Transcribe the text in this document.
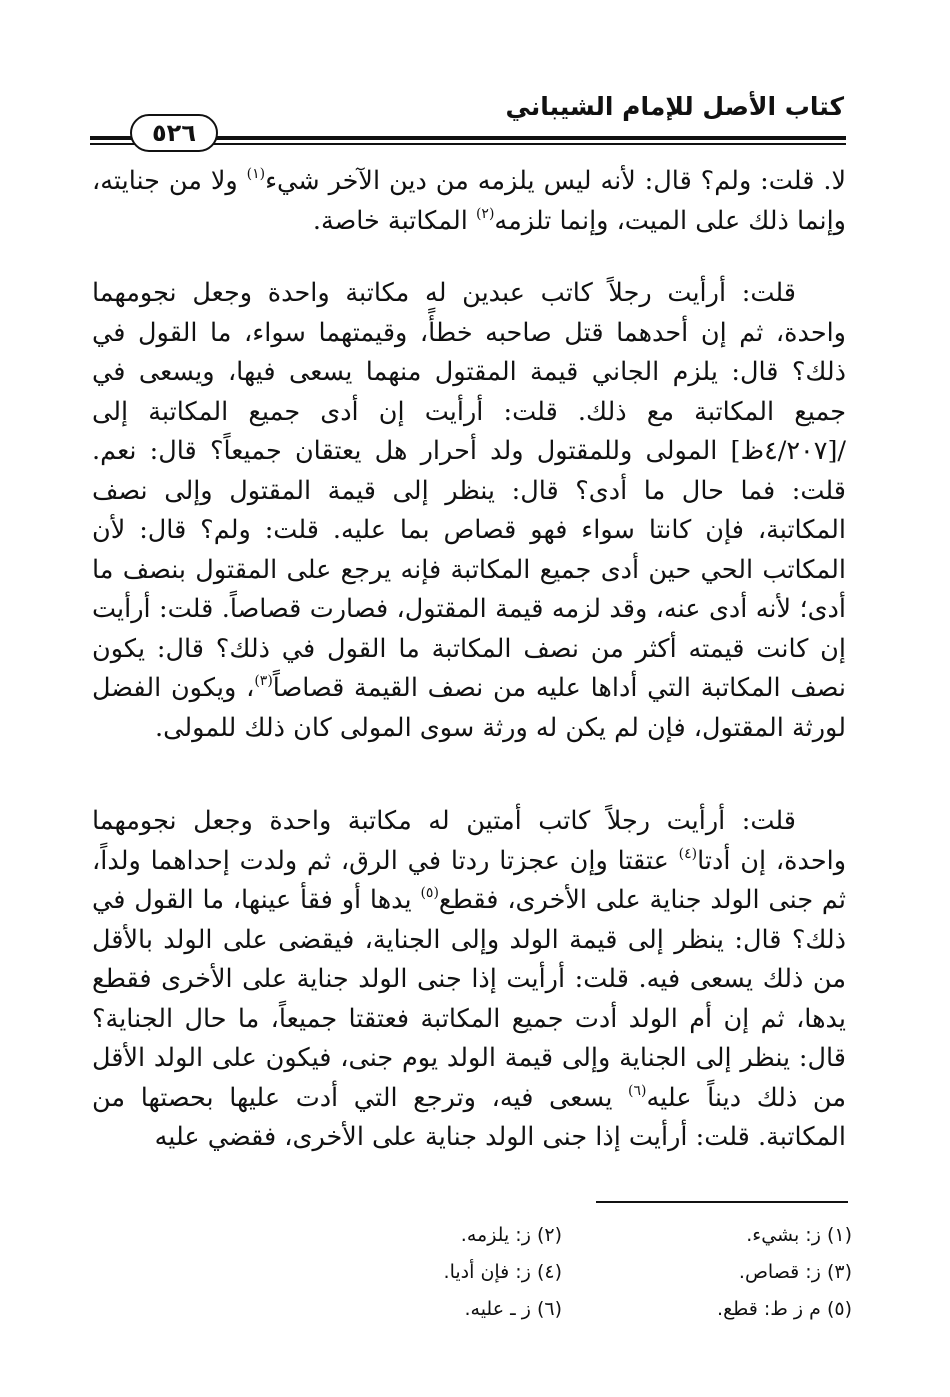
كتاب الأصل للإمام الشيباني
٥٢٦

لا. قلت: ولم؟ قال: لأنه ليس يلزمه من دين الآخر شيء$^{(١)}$ ولا من جنايته، وإنما ذلك على الميت، وإنما تلزمه$^{(٢)}$ المكاتبة خاصة.

قلت: أرأيت رجلاً كاتب عبدين له مكاتبة واحدة وجعل نجومهما واحدة، ثم إن أحدهما قتل صاحبه خطأً، وقيمتهما سواء، ما القول في ذلك؟ قال: يلزم الجاني قيمة المقتول منهما يسعى فيها، ويسعى في جميع المكاتبة مع ذلك. قلت: أرأيت إن أدى جميع المكاتبة إلى /[٤/٢٠٧ظ] المولى وللمقتول ولد أحرار هل يعتقان جميعاً؟ قال: نعم. قلت: فما حال ما أدى؟ قال: ينظر إلى قيمة المقتول وإلى نصف المكاتبة، فإن كانتا سواء فهو قصاص بما عليه. قلت: ولم؟ قال: لأن المكاتب الحي حين أدى جميع المكاتبة فإنه يرجع على المقتول بنصف ما أدى؛ لأنه أدى عنه، وقد لزمه قيمة المقتول، فصارت قصاصاً. قلت: أرأيت إن كانت قيمته أكثر من نصف المكاتبة ما القول في ذلك؟ قال: يكون نصف المكاتبة التي أداها عليه من نصف القيمة قصاصاً$^{(٣)}$، ويكون الفضل لورثة المقتول، فإن لم يكن له ورثة سوى المولى كان ذلك للمولى.

قلت: أرأيت رجلاً كاتب أمتين له مكاتبة واحدة وجعل نجومهما واحدة، إن أدتا$^{(٤)}$ عتقتا وإن عجزتا ردتا في الرق، ثم ولدت إحداهما ولداً، ثم جنى الولد جناية على الأخرى، فقطع$^{(٥)}$ يدها أو فقأ عينها، ما القول في ذلك؟ قال: ينظر إلى قيمة الولد وإلى الجناية، فيقضى على الولد بالأقل من ذلك يسعى فيه. قلت: أرأيت إذا جنى الولد جناية على الأخرى فقطع يدها، ثم إن أم الولد أدت جميع المكاتبة فعتقتا جميعاً، ما حال الجناية؟ قال: ينظر إلى الجناية وإلى قيمة الولد يوم جنى، فيكون على الولد الأقل من ذلك ديناً عليه$^{(٦)}$ يسعى فيه، وترجع التي أدت عليها بحصتها من المكاتبة. قلت: أرأيت إذا جنى الولد جناية على الأخرى، فقضي عليه

(١) ز: بشيء.
(٢) ز: يلزمه.
(٣) ز: قصاص.
(٤) ز: فإن أديا.
(٥) م ز ط: قطع.
(٦) ز ـ عليه.
